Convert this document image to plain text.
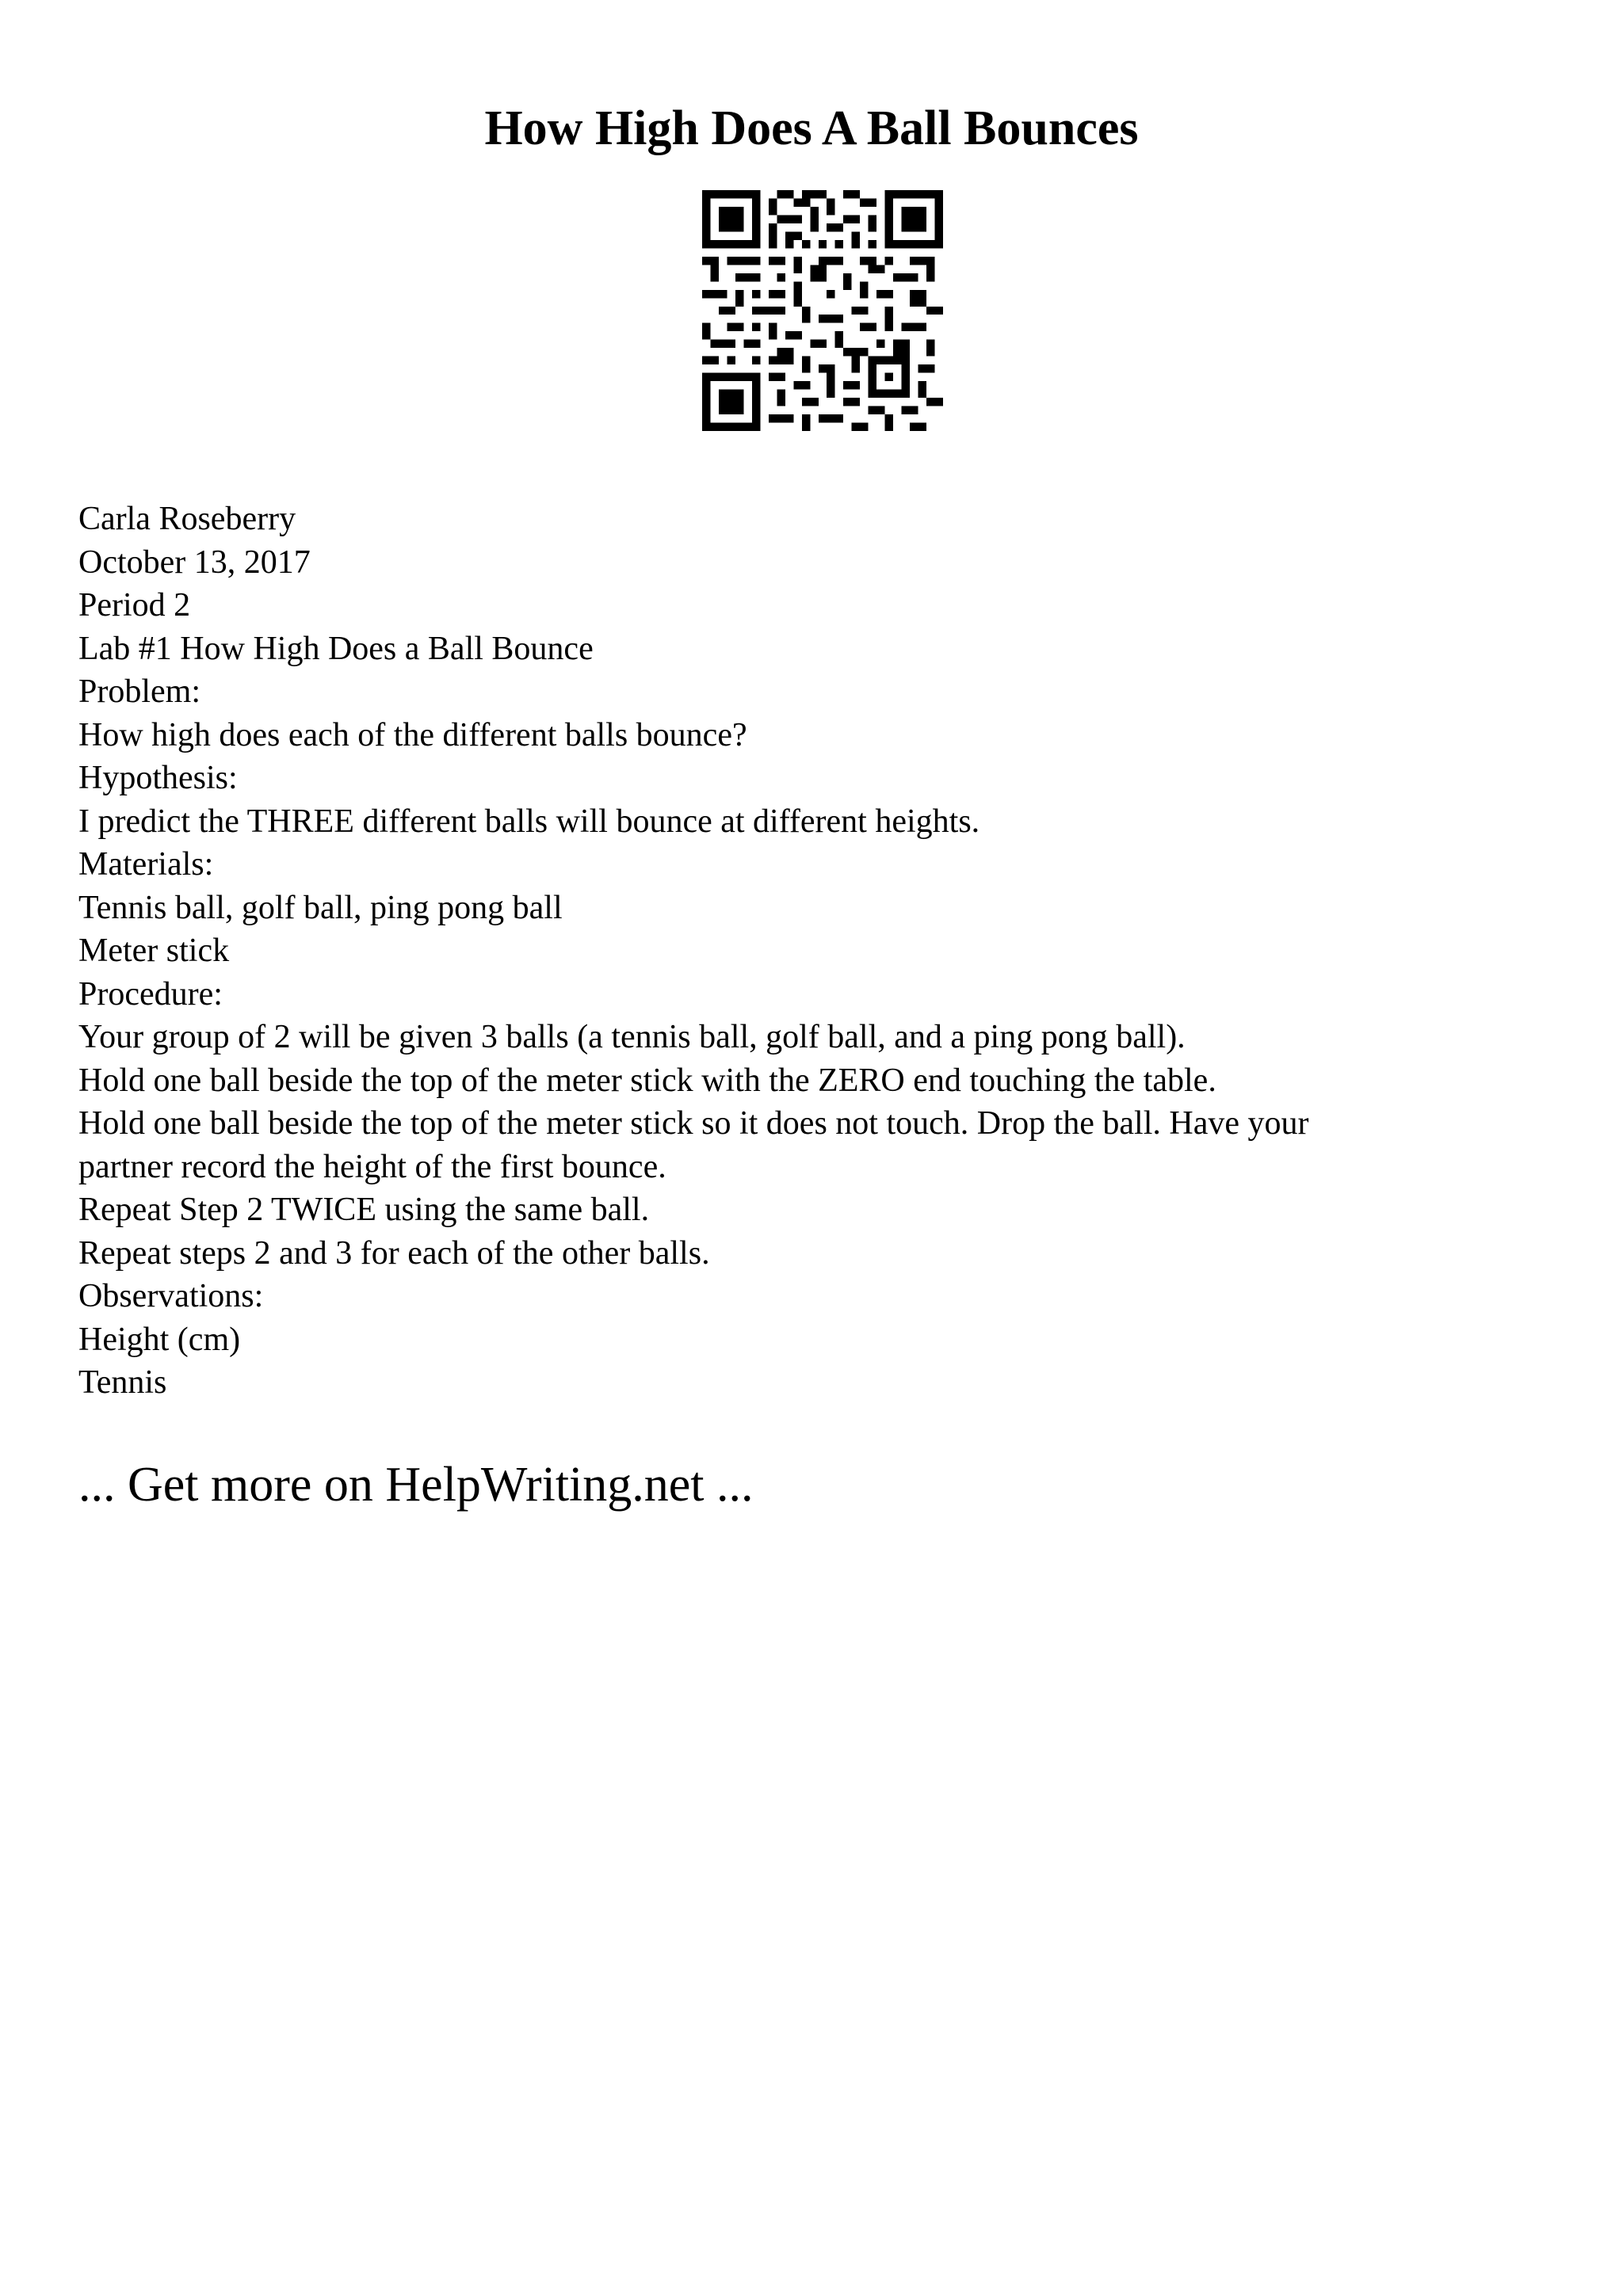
How High Does A Ball Bounces
Carla Roseberry
October 13, 2017
Period 2
Lab #1 How High Does a Ball Bounce
Problem:
How high does each of the different balls bounce?
Hypothesis:
I predict the THREE different balls will bounce at different heights.
Materials:
Tennis ball, golf ball, ping pong ball
Meter stick
Procedure:
Your group of 2 will be given 3 balls (a tennis ball, golf ball, and a ping pong ball).
Hold one ball beside the top of the meter stick with the ZERO end touching the table.
Hold one ball beside the top of the meter stick so it does not touch. Drop the ball. Have your
partner record the height of the first bounce.
Repeat Step 2 TWICE using the same ball.
Repeat steps 2 and 3 for each of the other balls.
Observations:
Height (cm)
Tennis
... Get more on HelpWriting.net ...
